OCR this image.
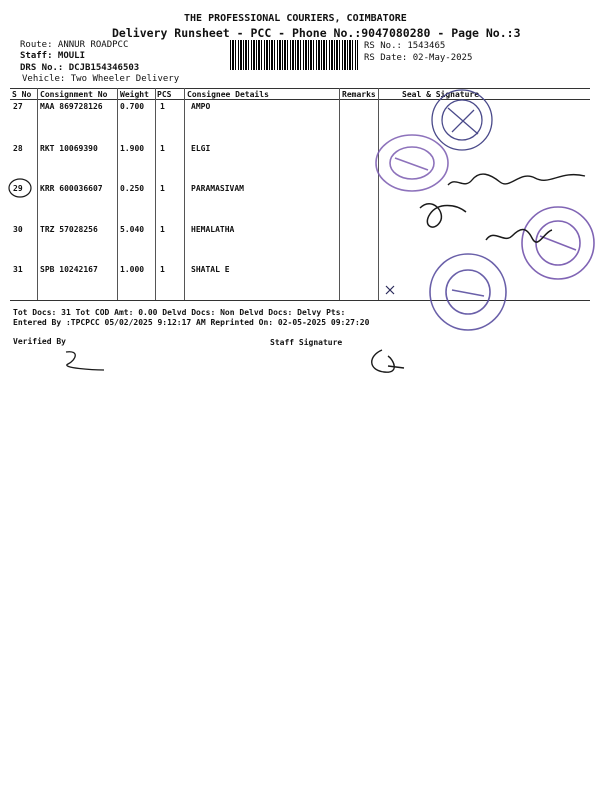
THE PROFESSIONAL COURIERS, COIMBATORE
Delivery Runsheet - PCC - Phone No.:9047080280 - Page No.:3
Route: ANNUR ROADPCC
Staff: MOULI
DRS No.: DCJB154346503
Vehicle: Two Wheeler Delivery
RS No.: 1543465
RS Date: 02-May-2025
S No Consignment No Weight PCS Consignee Details	Remarks	Seal & Signature
27 MAA 869728126 0.700 1	AMPO
28 RKT 10069390	1.900 1	ELGI
29 KRR 600036607 0.250 1	PARAMASIVAM
30 TRZ 57028256	5.040 1	HEMALATHA
31 SPB 10242167	1.000 1	SHATAL E
Tot Docs: 31 Tot COD Amt: 0.00 Delvd Docs: Non Delvd Docs: Delvy Pts:
Entered By :TPCPCC 05/02/2025 9:12:17 AM Reprinted On: 02-05-2025 09:27:20
Verified By	Staff Signature
